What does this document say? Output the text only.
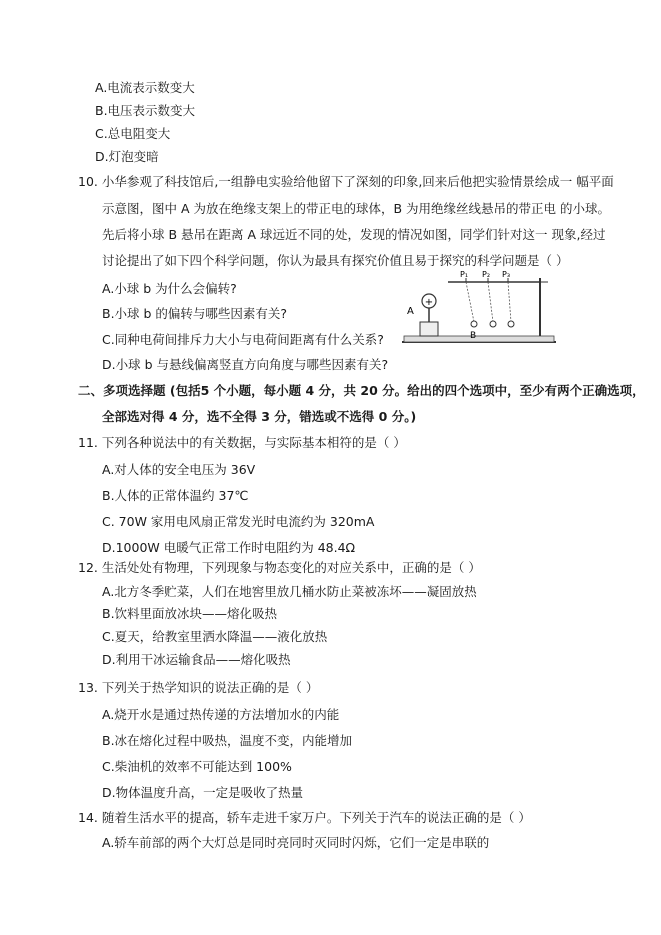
A.电流表示数变大
B.电压表示数变大
C.总电阻变大
D.灯泡变暗
10. 小华参观了科技馆后,一组静电实验给他留下了深刻的印象,回来后他把实验情景绘成一 幅平面
示意图，图中 A 为放在绝缘支架上的带正电的球体，B 为用绝缘丝线悬吊的带正电 的小球。
先后将小球 B 悬吊在距离 A 球远近不同的处，发现的情况如图，同学们针对这一 现象,经过
讨论提出了如下四个科学问题，你认为最具有探究价值且易于探究的科学问题是（ ）
A.小球 b 为什么会偏转?
B.小球 b 的偏转与哪些因素有关?
C.同种电荷间排斥力大小与电荷间距离有什么关系?
D.小球 b 与悬线偏离竖直方向角度与哪些因素有关?
+
A
P₁ P₂ P₃
B
二、多项选择题 (包括5 个小题，每小题 4 分，共 20 分。给出的四个选项中，至少有两个正确选项，
全部选对得 4 分，选不全得 3 分，错选或不选得 0 分。)
11. 下列各种说法中的有关数据，与实际基本相符的是（ ）
A.对人体的安全电压为 36V
B.人体的正常体温约 37℃
C. 70W 家用电风扇正常发光时电流约为 320mA
D.1000W 电暖气正常工作时电阻约为 48.4Ω
12. 生活处处有物理，下列现象与物态变化的对应关系中，正确的是（ ）
A.北方冬季贮菜，人们在地窖里放几桶水防止菜被冻坏——凝固放热
B.饮料里面放冰块——熔化吸热
C.夏天，给教室里洒水降温——液化放热
D.利用干冰运输食品——熔化吸热
13. 下列关于热学知识的说法正确的是（ ）
A.烧开水是通过热传递的方法增加水的内能
B.冰在熔化过程中吸热，温度不变，内能增加
C.柴油机的效率不可能达到 100%
D.物体温度升高，一定是吸收了热量
14. 随着生活水平的提高，轿车走进千家万户。下列关于汽车的说法正确的是（ ）
A.轿车前部的两个大灯总是同时亮同时灭同时闪烁，它们一定是串联的
